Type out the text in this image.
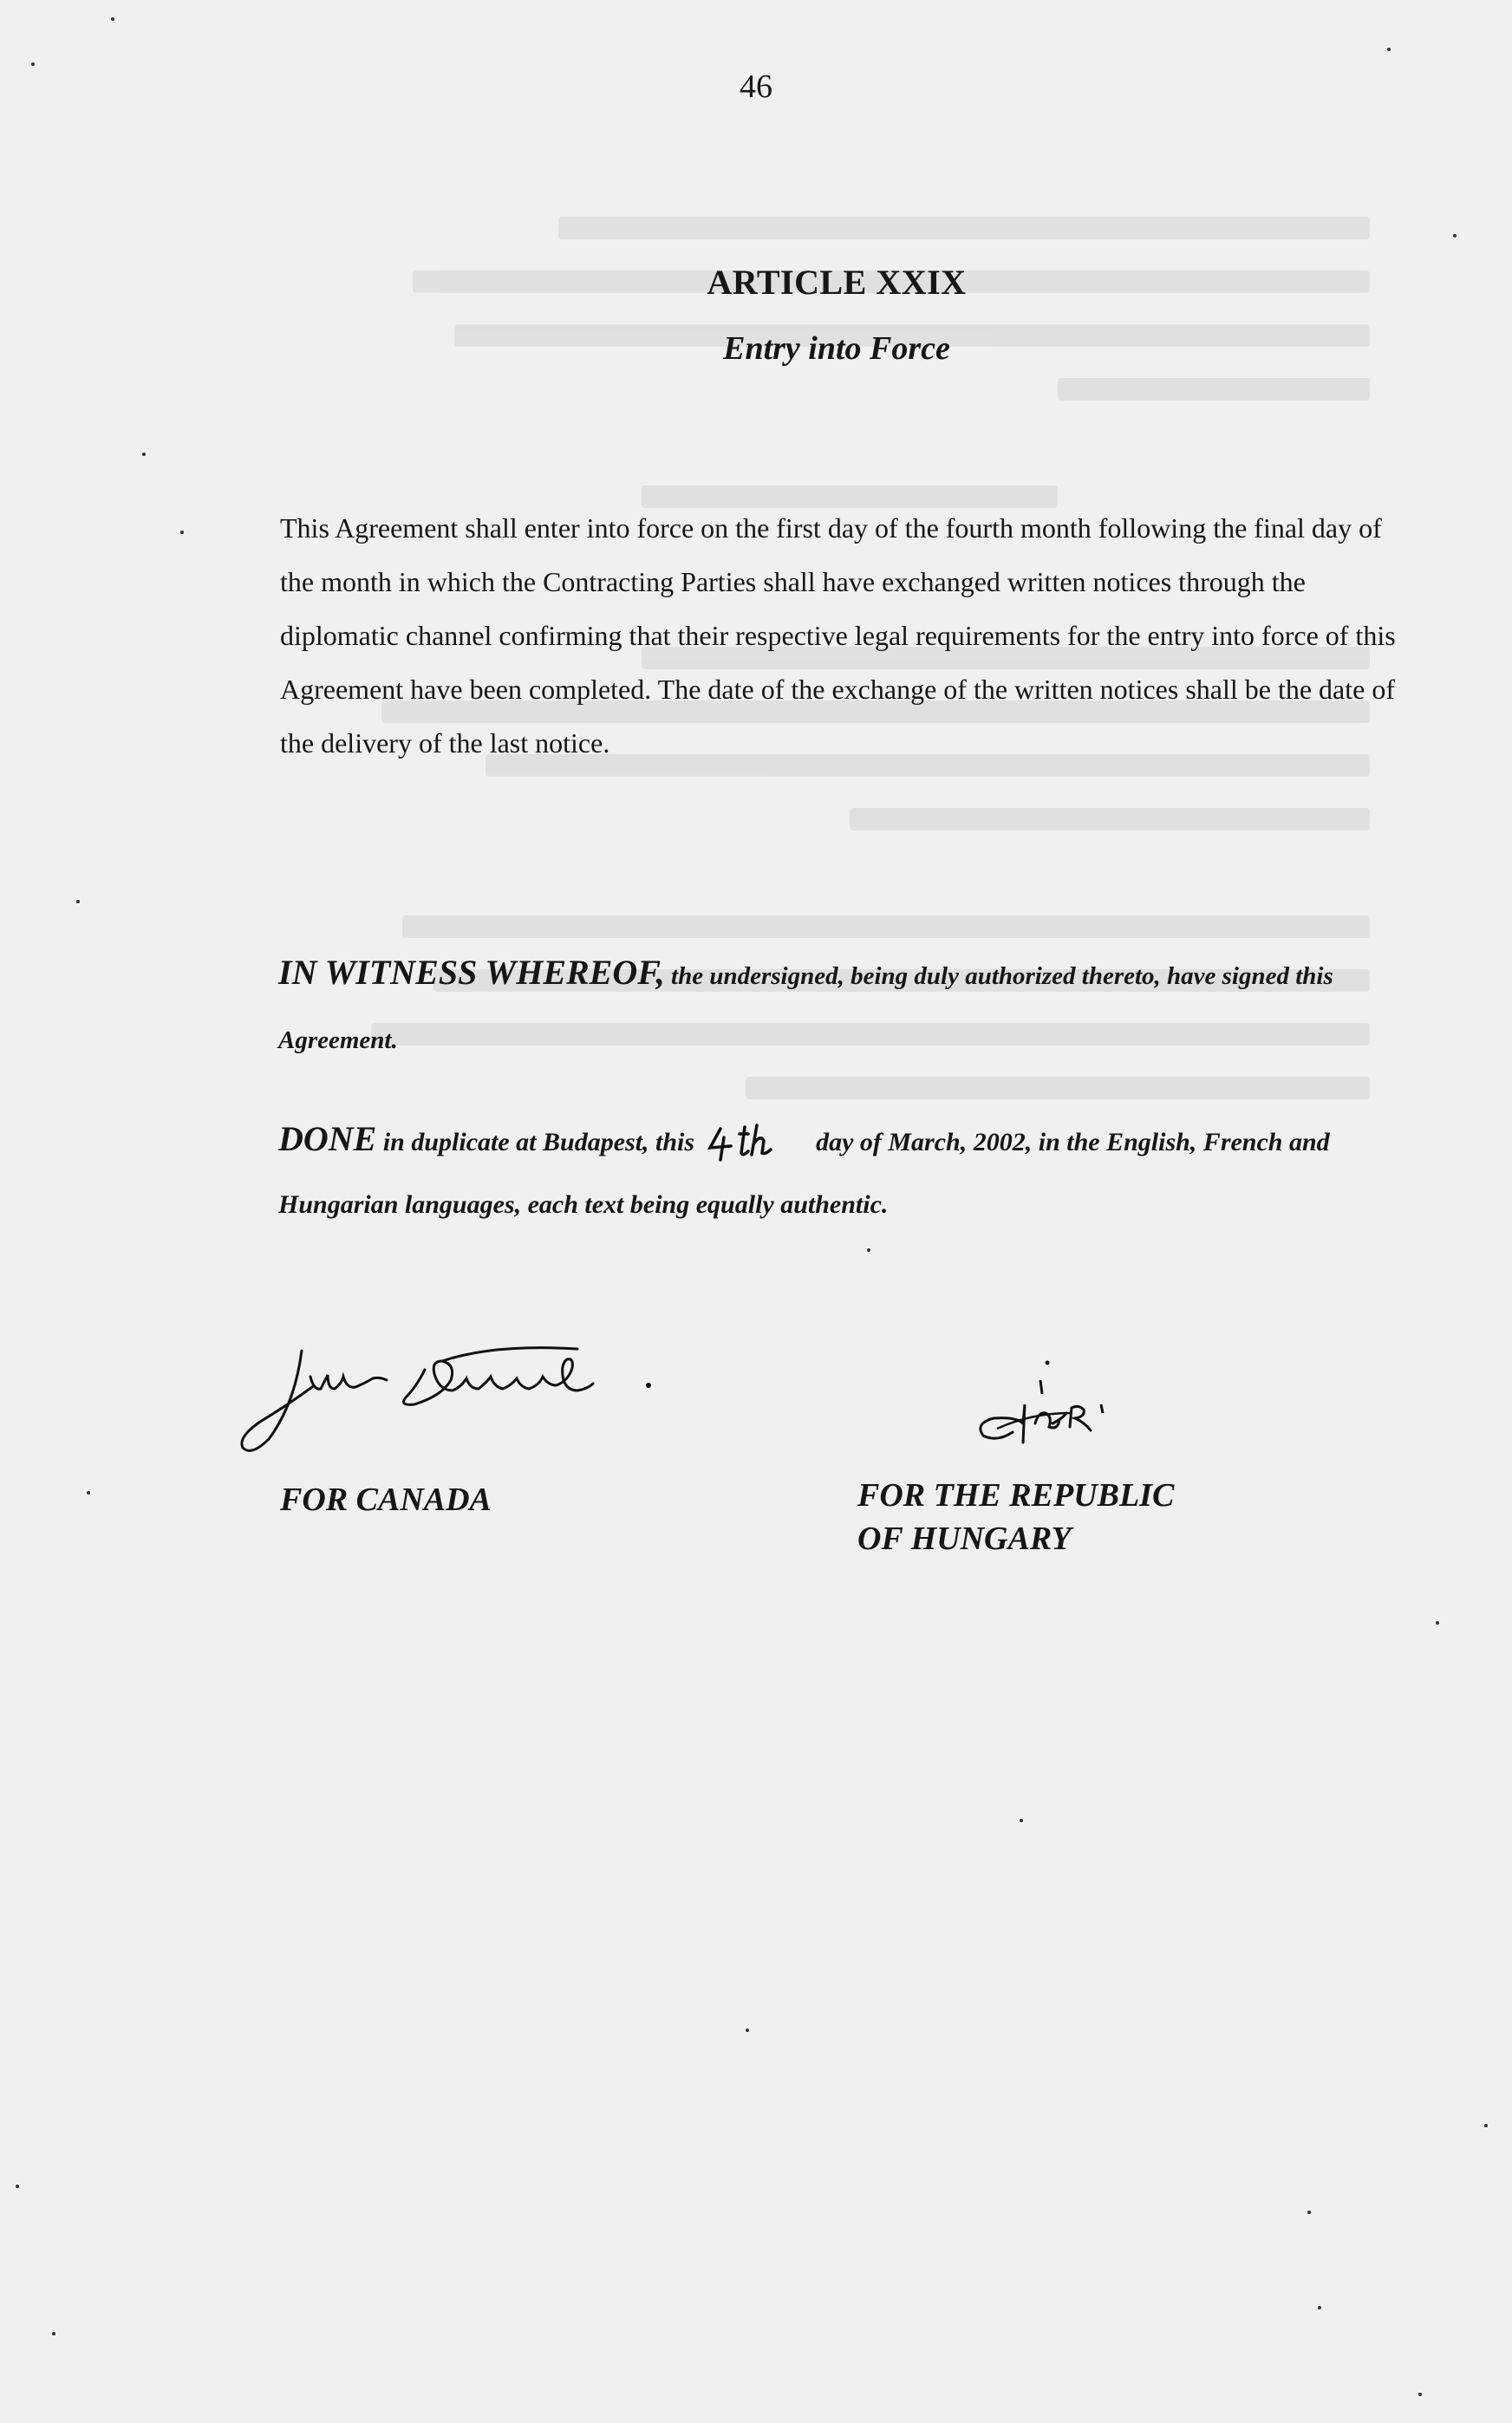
46
ARTICLE XXIX
Entry into Force
This Agreement shall enter into force on the first day of the fourth month following the final day of the month in which the Contracting Parties shall have exchanged written notices through the diplomatic channel confirming that their respective legal requirements for the entry into force of this Agreement have been completed. The date of the exchange of the written notices shall be the date of the delivery of the last notice.
IN WITNESS WHEREOF, the undersigned, being duly authorized thereto, have signed this Agreement.
DONE in duplicate at Budapest, this	day of March, 2002, in the English, French and Hungarian languages, each text being equally authentic.
FOR CANADA	FOR THE REPUBLIC
OF HUNGARY
